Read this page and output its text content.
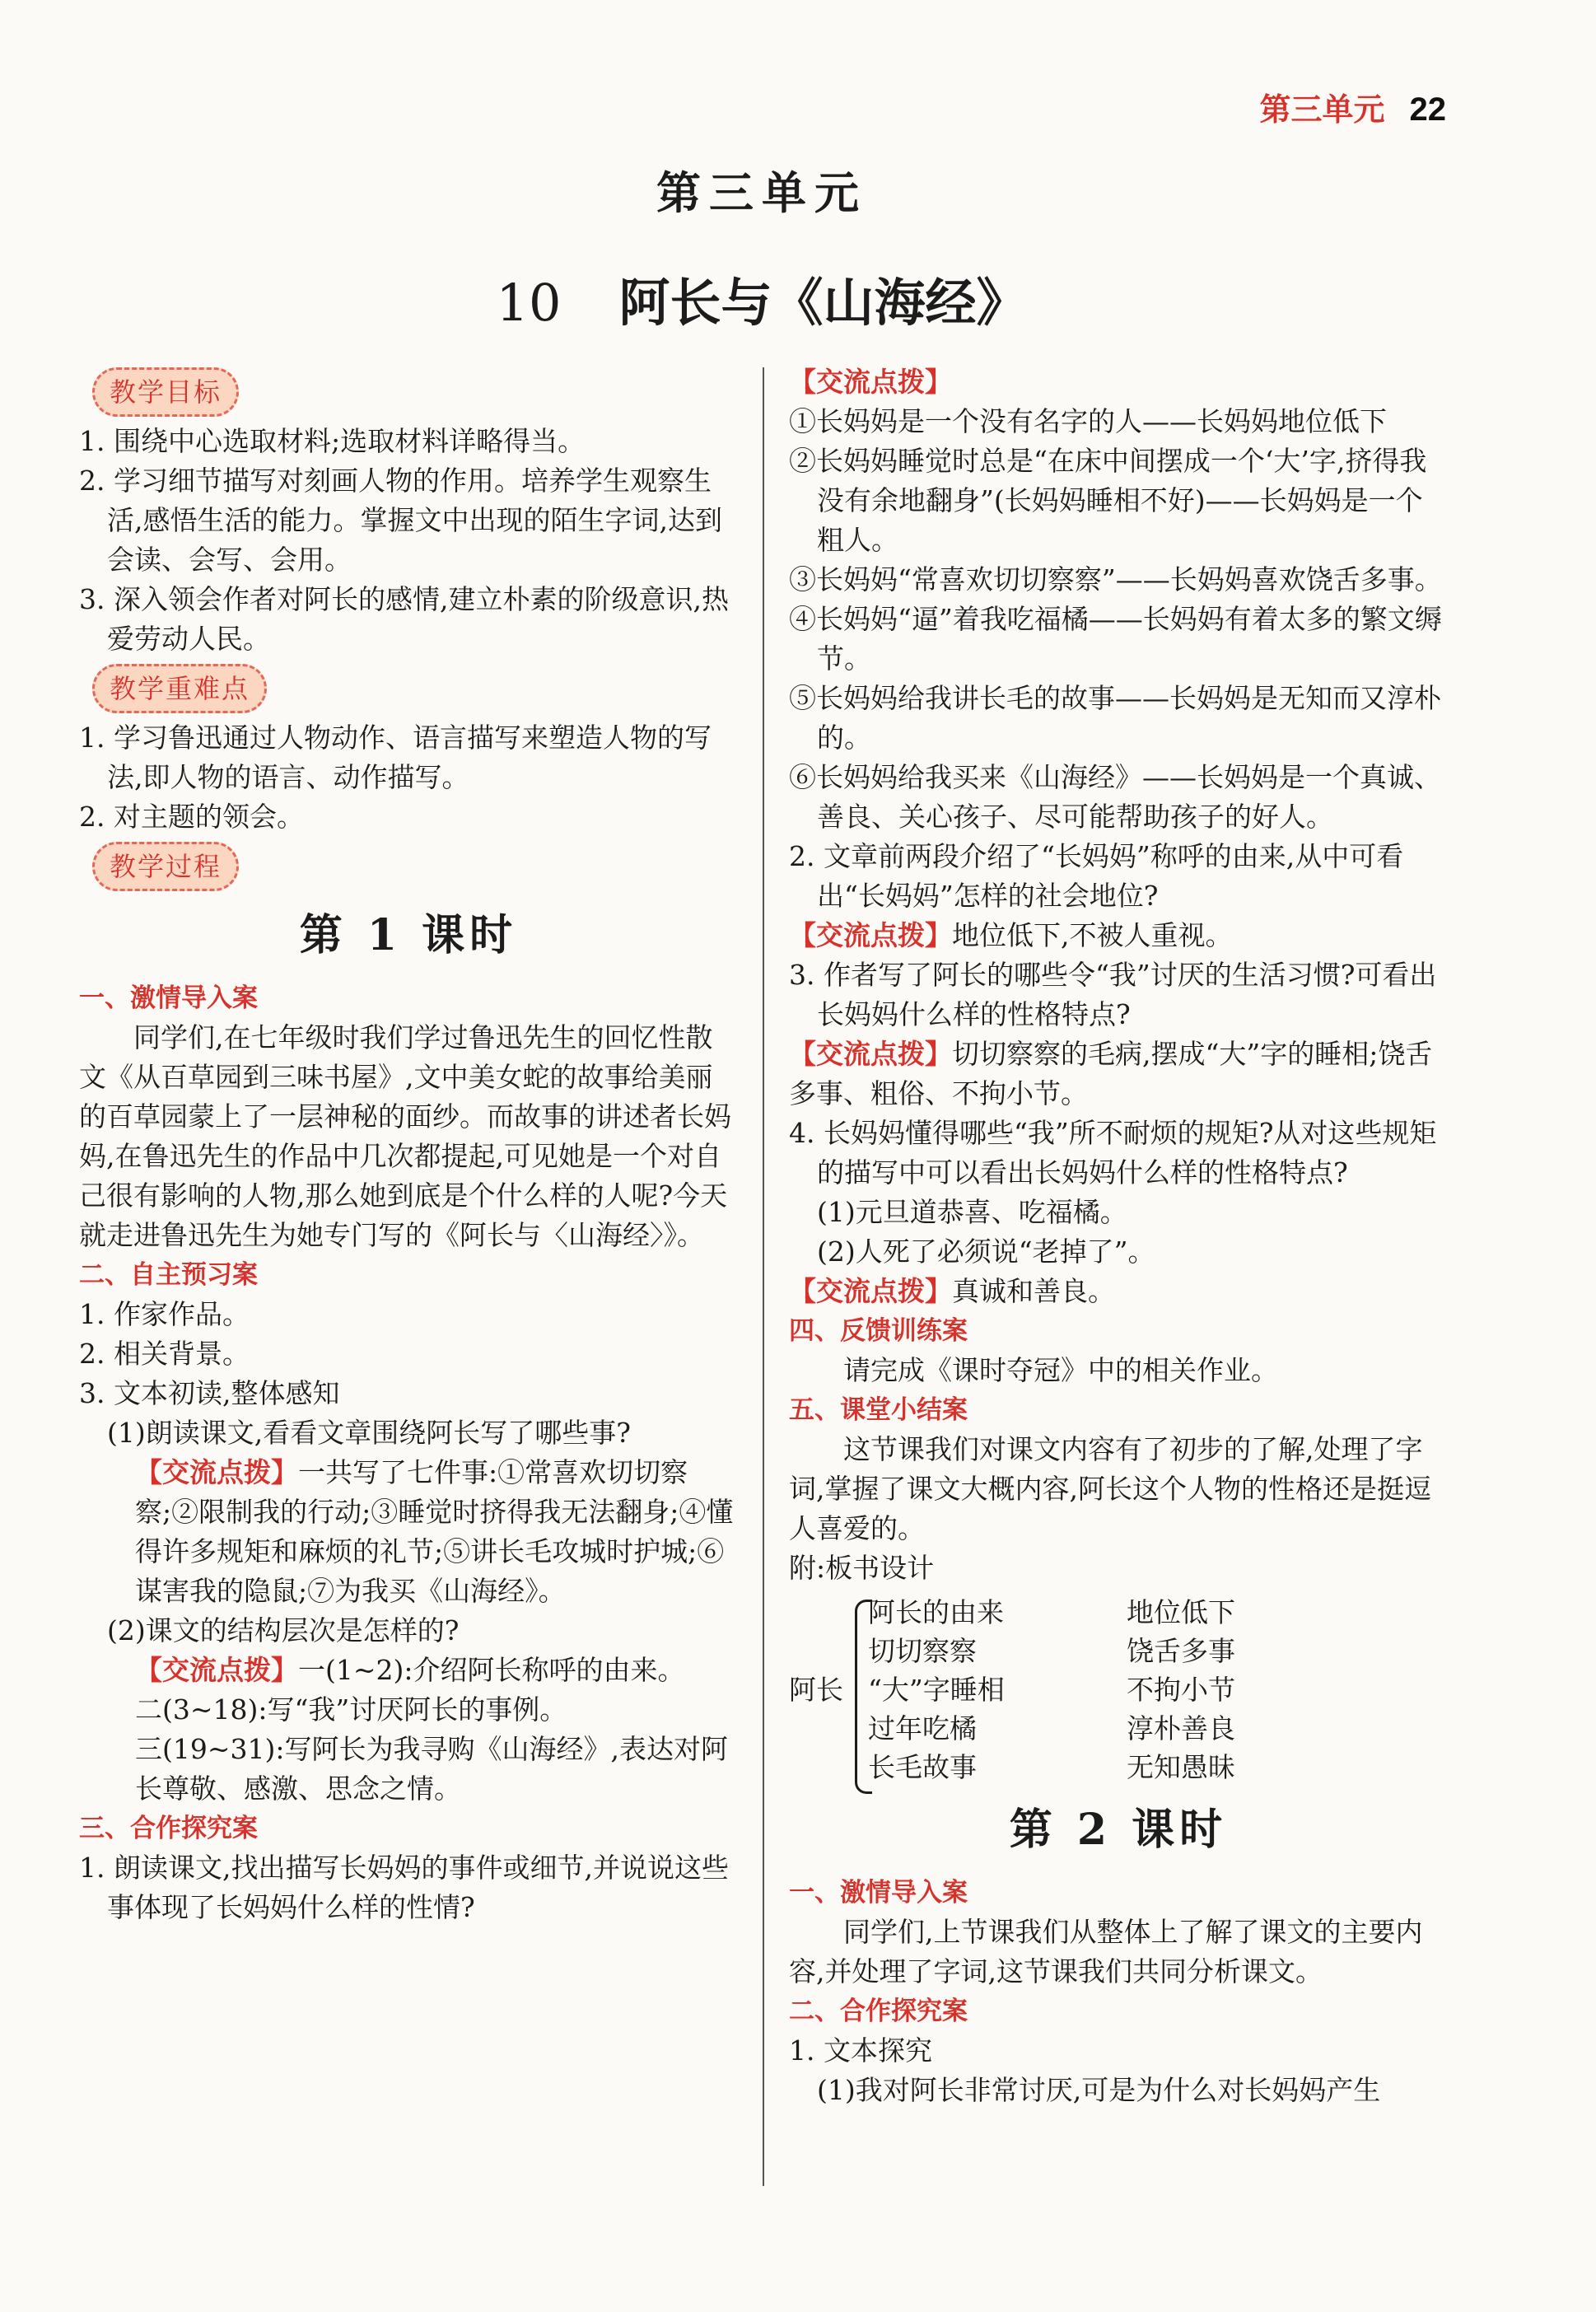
第三单元 22
第三单元
10 阿长与《山海经》
教学目标
1. 围绕中心选取材料;选取材料详略得当。
2. 学习细节描写对刻画人物的作用。培养学生观察生活,感悟生活的能力。掌握文中出现的陌生字词,达到会读、会写、会用。
3. 深入领会作者对阿长的感情,建立朴素的阶级意识,热爱劳动人民。
教学重难点
1. 学习鲁迅通过人物动作、语言描写来塑造人物的写法,即人物的语言、动作描写。
2. 对主题的领会。
教学过程
第 1 课时
一、激情导入案
同学们,在七年级时我们学过鲁迅先生的回忆性散文《从百草园到三味书屋》,文中美女蛇的故事给美丽的百草园蒙上了一层神秘的面纱。而故事的讲述者长妈妈,在鲁迅先生的作品中几次都提起,可见她是一个对自己很有影响的人物,那么她到底是个什么样的人呢?今天就走进鲁迅先生为她专门写的《阿长与〈山海经〉》。
二、自主预习案
1. 作家作品。
2. 相关背景。
3. 文本初读,整体感知
(1)朗读课文,看看文章围绕阿长写了哪些事?
【交流点拨】一共写了七件事:①常喜欢切切察察;②限制我的行动;③睡觉时挤得我无法翻身;④懂得许多规矩和麻烦的礼节;⑤讲长毛攻城时护城;⑥谋害我的隐鼠;⑦为我买《山海经》。
(2)课文的结构层次是怎样的?
【交流点拨】一(1~2):介绍阿长称呼的由来。
二(3~18):写“我”讨厌阿长的事例。
三(19~31):写阿长为我寻购《山海经》,表达对阿长尊敬、感激、思念之情。
三、合作探究案
1. 朗读课文,找出描写长妈妈的事件或细节,并说说这些事体现了长妈妈什么样的性情?
【交流点拨】
①长妈妈是一个没有名字的人——长妈妈地位低下
②长妈妈睡觉时总是“在床中间摆成一个‘大’字,挤得我没有余地翻身”(长妈妈睡相不好)——长妈妈是一个粗人。
③长妈妈“常喜欢切切察察”——长妈妈喜欢饶舌多事。
④长妈妈“逼”着我吃福橘——长妈妈有着太多的繁文缛节。
⑤长妈妈给我讲长毛的故事——长妈妈是无知而又淳朴的。
⑥长妈妈给我买来《山海经》——长妈妈是一个真诚、善良、关心孩子、尽可能帮助孩子的好人。
2. 文章前两段介绍了“长妈妈”称呼的由来,从中可看出“长妈妈”怎样的社会地位?
【交流点拨】地位低下,不被人重视。
3. 作者写了阿长的哪些令“我”讨厌的生活习惯?可看出长妈妈什么样的性格特点?
【交流点拨】切切察察的毛病,摆成“大”字的睡相;饶舌多事、粗俗、不拘小节。
4. 长妈妈懂得哪些“我”所不耐烦的规矩?从对这些规矩的描写中可以看出长妈妈什么样的性格特点?
(1)元旦道恭喜、吃福橘。
(2)人死了必须说“老掉了”。
【交流点拨】真诚和善良。
四、反馈训练案
请完成《课时夺冠》中的相关作业。
五、课堂小结案
这节课我们对课文内容有了初步的了解,处理了字词,掌握了课文大概内容,阿长这个人物的性格还是挺逗人喜爱的。
附:板书设计
阿长
阿长的由来
切切察察
“大”字睡相
过年吃橘
长毛故事
地位低下
饶舌多事
不拘小节
淳朴善良
无知愚昧
第 2 课时
一、激情导入案
同学们,上节课我们从整体上了解了课文的主要内容,并处理了字词,这节课我们共同分析课文。
二、合作探究案
1. 文本探究
(1)我对阿长非常讨厌,可是为什么对长妈妈产生
